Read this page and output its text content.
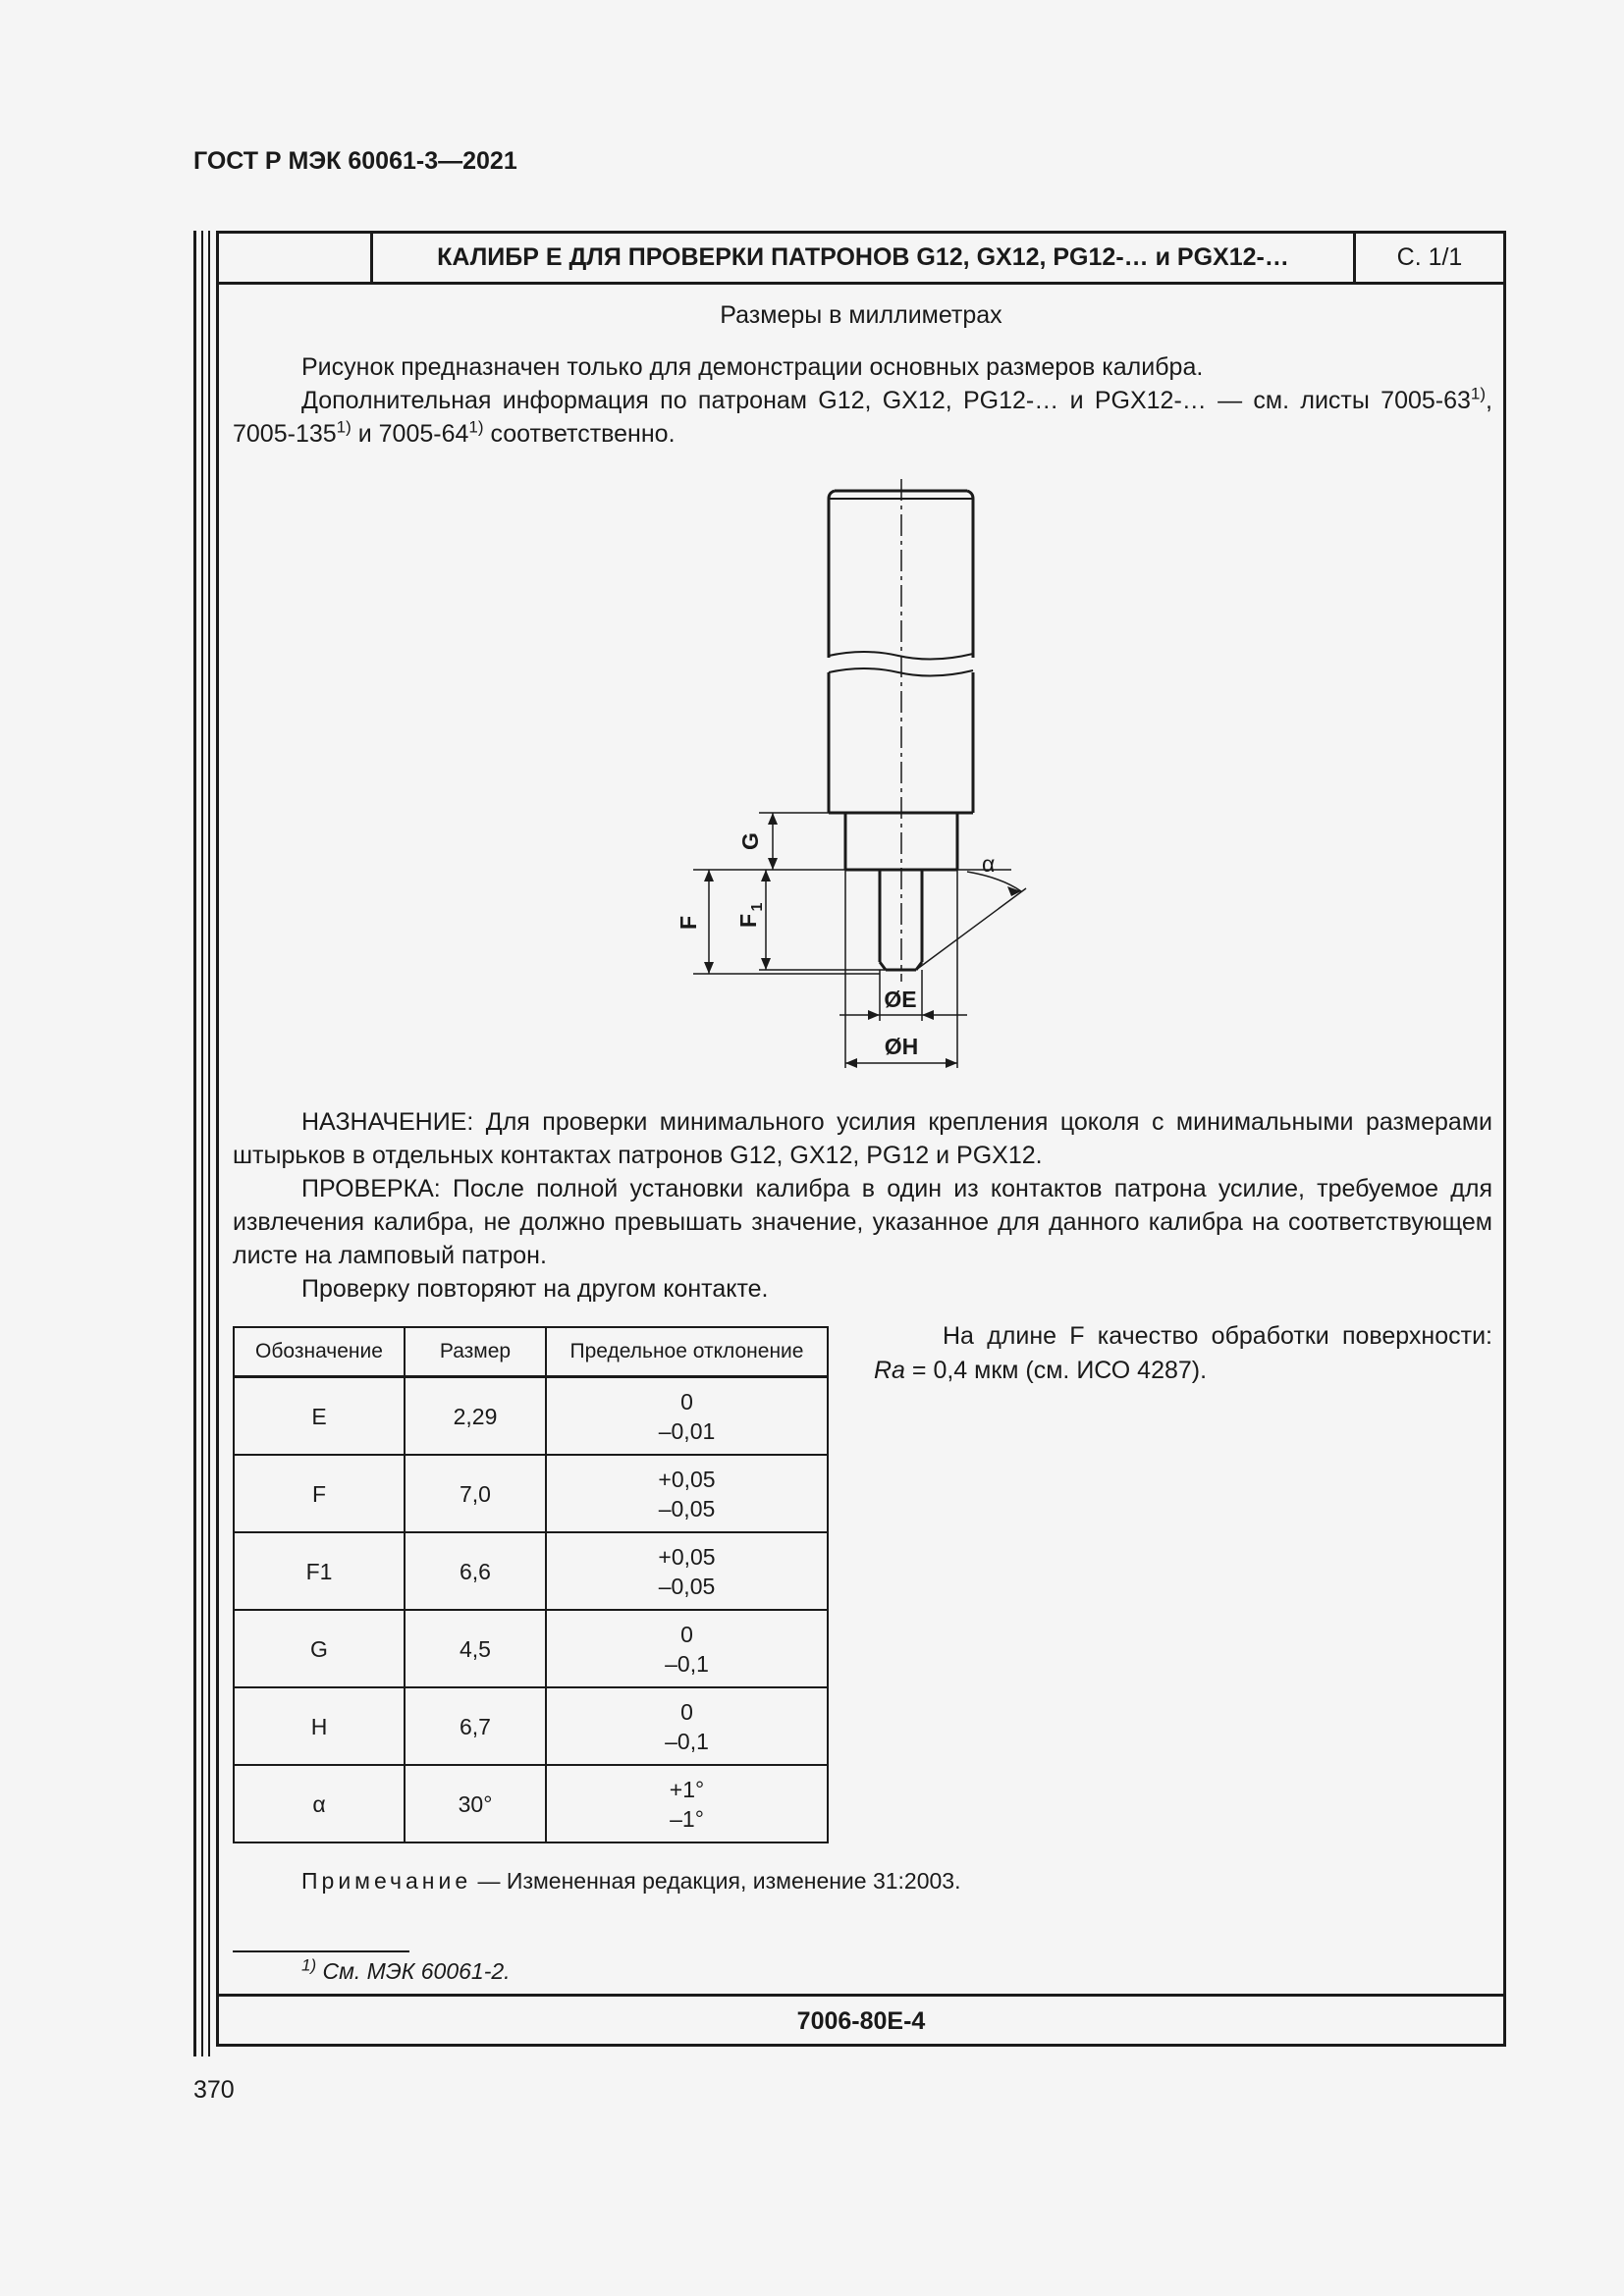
ГОСТ Р МЭК 60061-3—2021
КАЛИБР E ДЛЯ ПРОВЕРКИ ПАТРОНОВ G12, GX12, PG12-… и PGX12-…	С. 1/1
Размеры в миллиметрах
Рисунок предназначен только для демонстрации основных размеров калибра.
Дополнительная информация по патронам G12, GX12, PG12-… и PGX12-… — см. листы 7005-63$^{1)}$, 7005-135$^{1)}$ и 7005-64$^{1)}$ соответственно.
G
F F
1
α
ØE
ØH
НАЗНАЧЕНИЕ: Для проверки минимального усилия крепления цоколя с минимальными размерами штырьков в отдельных контактах патронов G12, GX12, PG12 и PGX12.
ПРОВЕРКА: После полной установки калибра в один из контактов патрона усилие, требуемое для извлечения калибра, не должно превышать значение, указанное для данного калибра на соответствующем листе на ламповый патрон.
Проверку повторяют на другом контакте.
Обозначение	Размер	Предельное отклонение
E	2,29	0
–0,01

F	7,0	+0,05
–0,05

F1	6,6	+0,05
–0,05

G	4,5	0
–0,1

H	6,7	0
–0,1

α	30°	+1°
–1°
На длине F качество обработки поверхности: Ra = 0,4 мкм (см. ИСО 4287).
Примечание — Измененная редакция, изменение 31:2003.
$^{1)}$ См. МЭК 60061-2.
7006-80E-4
370
